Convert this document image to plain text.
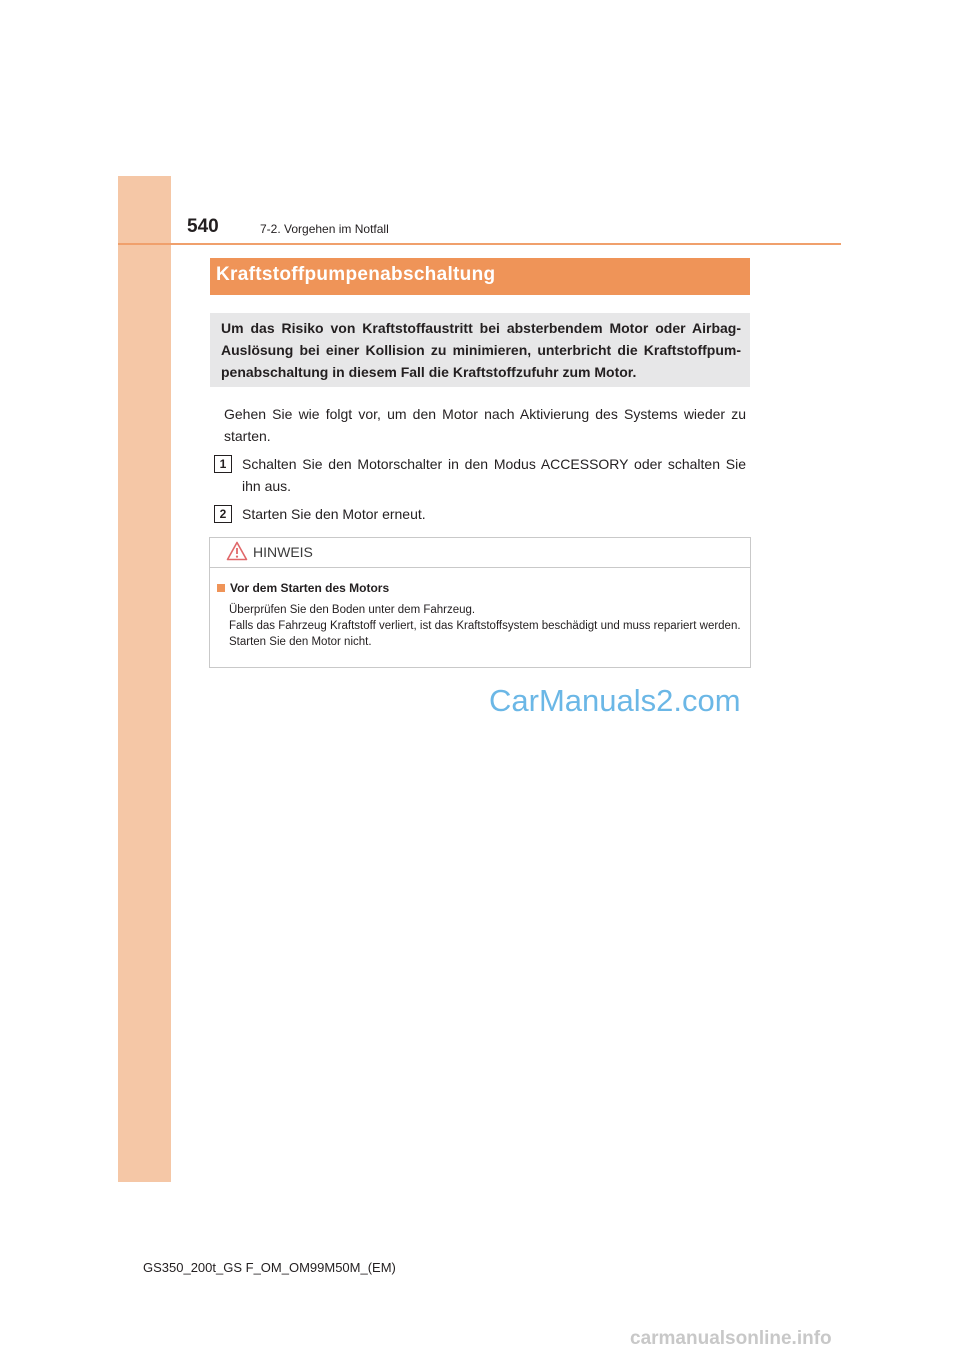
540	7-2. Vorgehen im Notfall
Kraftstoffpumpenabschaltung
Um das Risiko von Kraftstoffaustritt bei absterbendem Motor oder Airbag-Auslösung bei einer Kollision zu minimieren, unterbricht die Kraftstoffpum-penabschaltung in diesem Fall die Kraftstoffzufuhr zum Motor.
Gehen Sie wie folgt vor, um den Motor nach Aktivierung des Systems wieder zu starten.
1	Schalten Sie den Motorschalter in den Modus ACCESSORY oder schalten Sie ihn aus.
2	Starten Sie den Motor erneut.
HINWEIS
Vor dem Starten des Motors
Überprüfen Sie den Boden unter dem Fahrzeug.
Falls das Fahrzeug Kraftstoff verliert, ist das Kraftstoffsystem beschädigt und muss repariert werden. Starten Sie den Motor nicht.
CarManuals2.com
GS350_200t_GS F_OM_OM99M50M_(EM)
carmanualsonline.info
